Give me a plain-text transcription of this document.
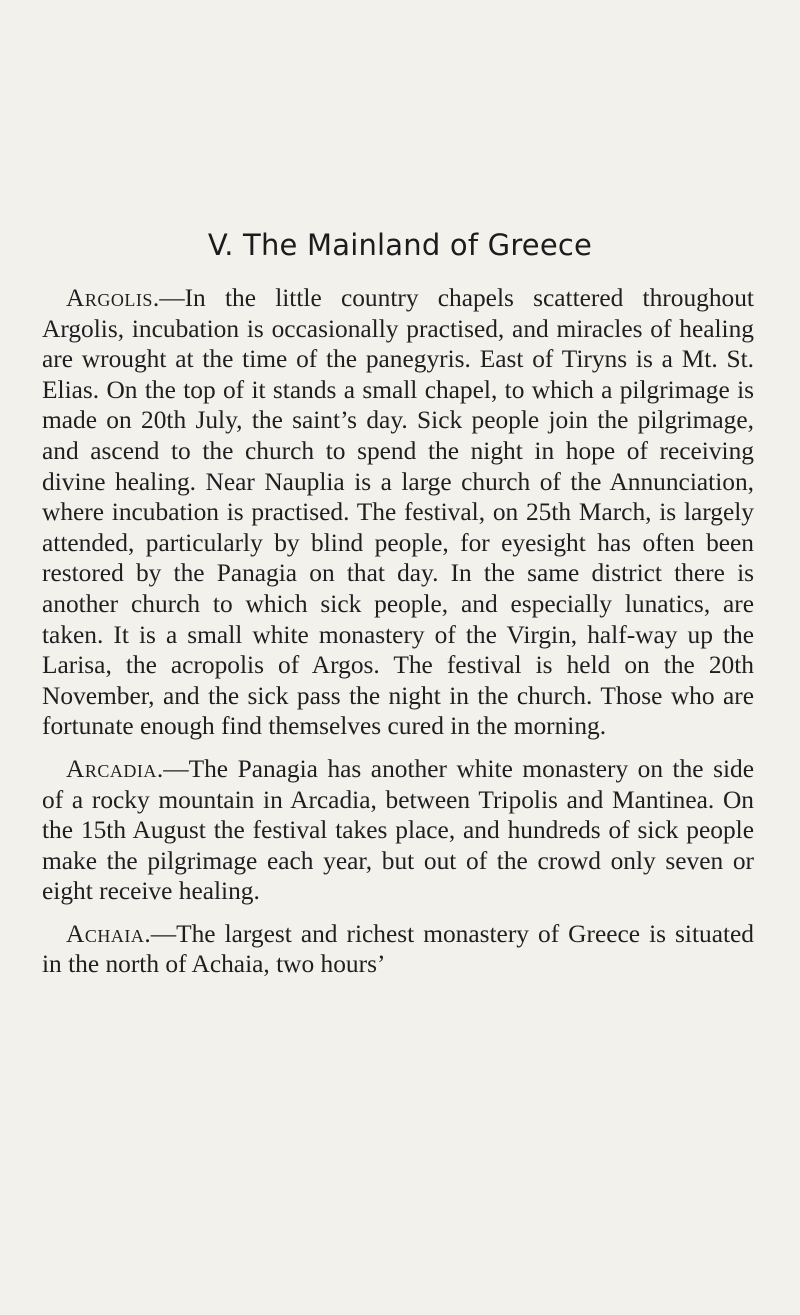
V. The Mainland of Greece

Argolis.—In the little country chapels scattered throughout Argolis, incubation is occasionally practised, and miracles of healing are wrought at the time of the panegyris. East of Tiryns is a Mt. St. Elias. On the top of it stands a small chapel, to which a pilgrimage is made on 20th July, the saint’s day. Sick people join the pilgrimage, and ascend to the church to spend the night in hope of receiving divine healing. Near Nauplia is a large church of the Annunciation, where incubation is practised. The festival, on 25th March, is largely attended, particularly by blind people, for eyesight has often been restored by the Panagia on that day. In the same district there is another church to which sick people, and especially lunatics, are taken. It is a small white monastery of the Virgin, half-way up the Larisa, the acropolis of Argos. The festival is held on the 20th November, and the sick pass the night in the church. Those who are fortunate enough find themselves cured in the morning.

Arcadia.—The Panagia has another white monastery on the side of a rocky mountain in Arcadia, between Tripolis and Mantinea. On the 15th August the festival takes place, and hundreds of sick people make the pilgrimage each year, but out of the crowd only seven or eight receive healing.

Achaia.—The largest and richest monastery of Greece is situated in the north of Achaia, two hours’
